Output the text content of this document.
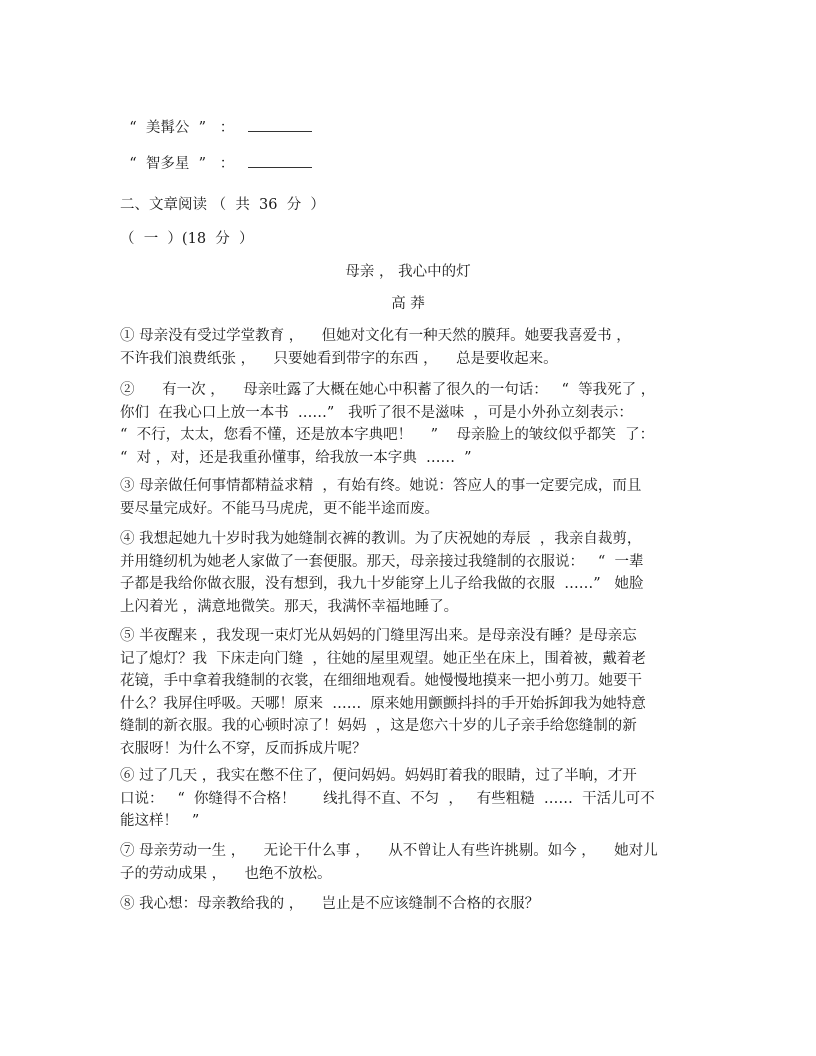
“  美髯公  ”   ：

“  智多星  ”   ：

二、文章阅读 （  共  36  分  ）
（  一  ）(18  分  ）
母亲 ， 我心中的灯
高 莽
① 母亲没有受过学堂教育 ，    但她对文化有一种天然的膜拜。她要我喜爱书 ，
不许我们浪费纸张 ，    只要她看到带字的东西 ，    总是要收起来。
②      有一次 ，    母亲吐露了大概在她心中积蓄了很久的一句话：   “  等我死了 ，
你们  在我心口上放一本书  ……”   我听了很不是滋味  ，可是小外孙立刻表示：
“  不行，太太，您看不懂，还是放本字典吧！    ”    母亲脸上的皱纹似乎都笑  了：
“  对 ，对，还是我重孙懂事，给我放一本字典  ……  ”
③ 母亲做任何事情都精益求精  ，有始有终。她说：答应人的事一定要完成，而且
要尽量完成好。不能马马虎虎，更不能半途而废。
④ 我想起她九十岁时我为她缝制衣裤的教训。为了庆祝她的寿辰  ，我亲自裁剪，
并用缝纫机为她老人家做了一套便服。那天，母亲接过我缝制的衣服说：   “  一辈
子都是我给你做衣服，没有想到，我九十岁能穿上儿子给我做的衣服  ……”   她脸
上闪着光 ，满意地微笑。那天，我满怀幸福地睡了。
⑤ 半夜醒来 ，我发现一束灯光从妈妈的门缝里泻出来。是母亲没有睡？是母亲忘
记了熄灯？我  下床走向门缝  ，往她的屋里观望。她正坐在床上，围着被，戴着老
花镜，手中拿着我缝制的衣裳，在细细地观看。她慢慢地摸来一把小剪刀。她要干
什么？我屏住呼吸。天哪！原来  ……  原来她用颤颤抖抖的手开始拆卸我为她特意
缝制的新衣服。我的心顿时凉了！妈妈  ，这是您六十岁的儿子亲手给您缝制的新
衣服呀！为什么不穿，反而拆成片呢？
⑥ 过了几天 ，我实在憋不住了，便问妈妈。妈妈盯着我的眼睛，过了半晌，才开
口说：   “  你缝得不合格！      线扎得不直、不匀  ，   有些粗糙  ……  干活儿可不
能这样！   ”
⑦ 母亲劳动一生 ，    无论干什么事 ，    从不曾让人有些许挑剔。如今 ，    她对儿
子的劳动成果 ，    也绝不放松。
⑧ 我心想：母亲教给我的 ，    岂止是不应该缝制不合格的衣服？
